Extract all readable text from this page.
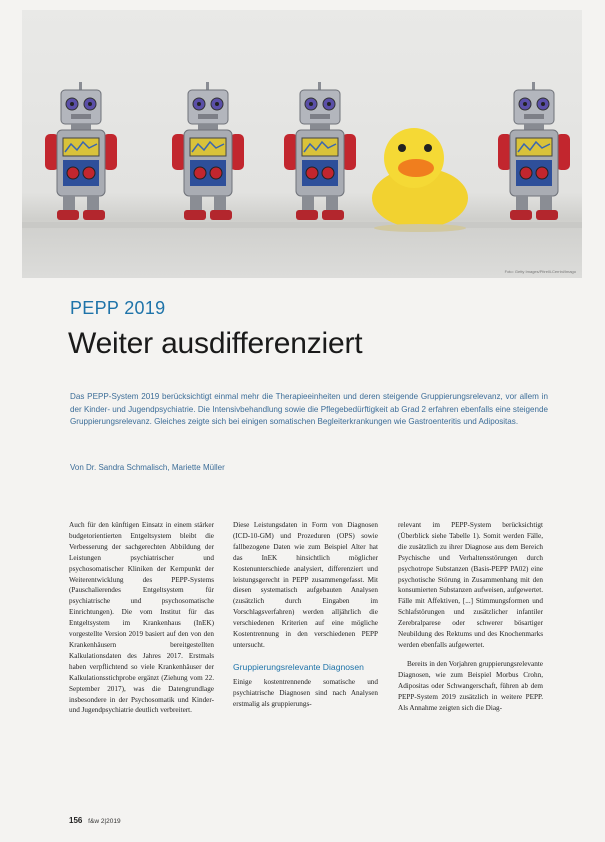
Foto: Getty Images/Pitrelli-Cerrini/Imago
PEPP 2019
Weiter ausdifferenziert
Das PEPP-System 2019 berücksichtigt einmal mehr die Therapieeinheiten und deren steigende Gruppierungsrelevanz, vor allem in der Kinder- und Jugendpsychiatrie. Die Intensivbehandlung sowie die Pflegebedürftigkeit ab Grad 2 erfahren ebenfalls eine steigende Gruppierungsrelevanz. Gleiches zeigte sich bei einigen somatischen Begleiterkrankungen wie Gastroenteritis und Adipositas.
Von Dr. Sandra Schmalisch, Mariette Müller

Auch für den künftigen Einsatz in einem stärker budgetorientierten Entgeltsystem bleibt die Verbesserung der sachgerechten Abbildung der Leistungen psychiatrischer und psychosomatischer Kliniken der Kernpunkt der Weiterentwicklung des PEPP-Systems (Pauschalierendes Entgeltsystem für psychiatrische und psychosomatische Einrichtungen). Die vom Institut für das Entgeltsystem im Krankenhaus (InEK) vorgestellte Version 2019 basiert auf den von den Krankenhäusern bereitgestellten Kalkulationsdaten des Jahres 2017. Erstmals haben verpflichtend so viele Krankenhäuser der Kalkulationsstichprobe ergänzt (Ziehung vom 22. September 2017), was die Datengrundlage insbesondere in der Psychosomatik und Kinder- und Jugendpsychiatrie deutlich verbreitert.

Diese Leistungsdaten in Form von Diagnosen (ICD-10-GM) und Prozeduren (OPS) sowie fallbezogene Daten wie zum Beispiel Alter hat das InEK hinsichtlich möglicher Kostenunterschiede analysiert, differenziert und leistungsgerecht in PEPP zusammengefasst. Mit diesen systematisch aufgebauten Analysen (zusätzlich durch Eingaben im Vorschlagsverfahren) werden alljährlich die verschiedenen Kriterien auf eine mögliche Kostentrennung in den verschiedenen PEPP untersucht.

Gruppierungsrelevante Diagnosen

Einige kostentrennende somatische und psychiatrische Diagnosen sind nach Analysen erstmalig als gruppierungs-

relevant im PEPP-System berücksichtigt (Überblick siehe Tabelle 1). Somit werden Fälle, die zusätzlich zu ihrer Diagnose aus dem Bereich Psychische und Verhaltensstörungen durch psychotrope Substanzen (Basis-PEPP PA02) eine psychotische Störung in Zusammenhang mit den konsumierten Substanzen aufweisen, aufgewertet. Fälle mit Affektiven, [...] Stimmungsformen und Schlafstörungen und zusätzlicher infantiler Zerebralparese oder schwerer bösartiger Neubildung des Rektums und des Knochenmarks werden ebenfalls aufgewertet.

Bereits in den Vorjahren gruppierungsrelevante Diagnosen, wie zum Beispiel Morbus Crohn, Adipositas oder Schwangerschaft, führen ab dem PEPP-System 2019 zusätzlich in weitere PEPP. Als Annahme zeigten sich die Diag-

156 f&w 2|2019
